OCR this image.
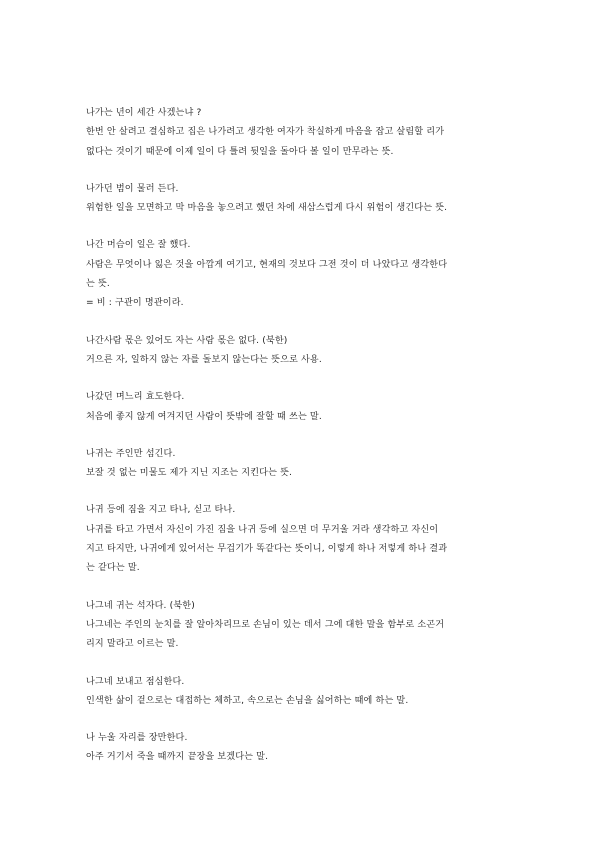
나가는 년이 세간 사겠는냐 ?
한번 안 살려고 결심하고 집은 나가려고 생각한 여자가 착실하게 마음을 잡고 살림할 리가
없다는 것이기 때문에 이제 일이 다 틀려 뒷일을 돌아다 볼 일이 만무라는 뜻.
나가던 범이 물러 든다.
위험한 일을 모면하고 막 마음을 놓으려고 했던 차에 새삼스럽게 다시 위험이 생긴다는 뜻.
나간 머슴이 일은 잘 했다.
사람은 무엇이나 잃은 것을 아깝게 여기고, 현재의 것보다 그전 것이 더 나았다고 생각한다
는 뜻.
= 비 : 구관이 명관이라.
나간사람 몫은 있어도 자는 사람 몫은 없다. (북한)
거으른 자, 일하지 않는 자를 돌보지 않는다는 뜻으로 사용.
나갔던 며느리 효도한다.
처음에 좋지 않게 여겨지던 사람이 뜻밖에 잘할 때 쓰는 말.
나귀는 주인만 섬긴다.
보잘 것 없는 미물도 제가 지닌 지조는 지킨다는 뜻.
나귀 등에 짐을 지고 타나, 싣고 타나.
나귀를 타고 가면서 자신이 가진 짐을 나귀 등에 실으면 더 무거울 거라 생각하고 자신이
지고 타지만, 나귀에게 있어서는 무겁기가 똑같다는 뜻이니, 이렇게 하나 저렇게 하나 결과
는 같다는 말.
나그네 귀는 석자다. (북한)
나그네는 주인의 눈치를 잘 알아차리므로 손님이 있는 데서 그에 대한 말을 함부로 소곤거
리지 말라고 이르는 말.
나그네 보내고 점심한다.
인색한 삶이 겉으로는 대접하는 체하고, 속으로는 손님을 싫어하는 때에 하는 말.
나 누울 자리를 장만한다.
아주 거기서 죽을 때까지 끝장을 보겠다는 말.
